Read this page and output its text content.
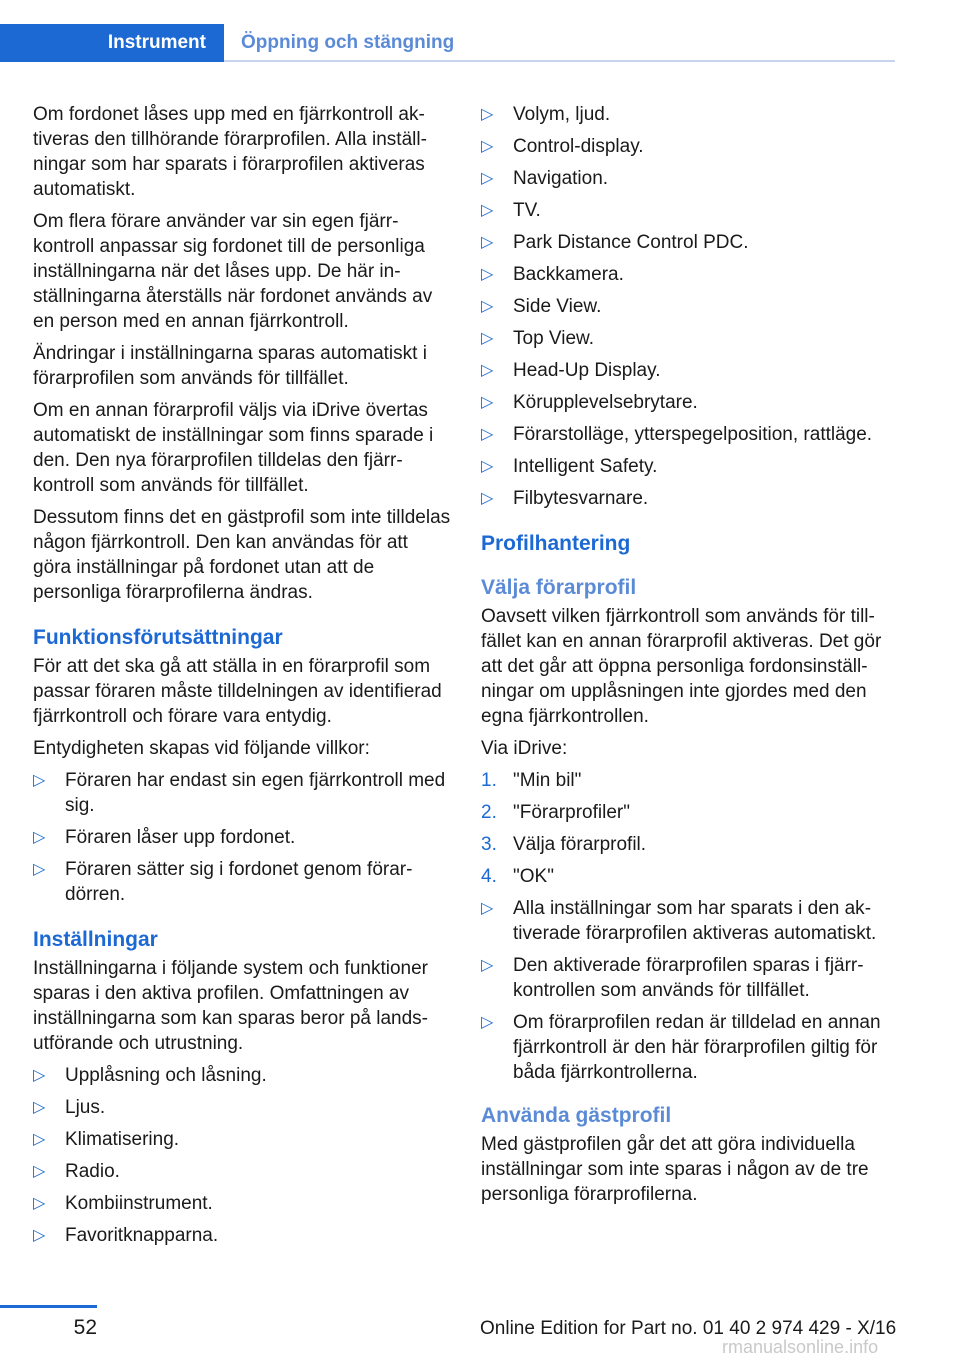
Instrument	Öppning och stängning

Om fordonet låses upp med en fjärrkontroll aktiveras den tillhörande förarprofilen. Alla inställningar som har sparats i förarprofilen aktiveras automatiskt.

Om flera förare använder var sin egen fjärrkontroll anpassar sig fordonet till de personliga inställningarna när det låses upp. De här inställningarna återställs när fordonet används av en person med en annan fjärrkontroll.

Ändringar i inställningarna sparas automatiskt i förarprofilen som används för tillfället.

Om en annan förarprofil väljs via iDrive övertas automatiskt de inställningar som finns sparade i den. Den nya förarprofilen tilldelas den fjärrkontroll som används för tillfället.

Dessutom finns det en gästprofil som inte tilldelas någon fjärrkontroll. Den kan användas för att göra inställningar på fordonet utan att de personliga förarprofilerna ändras.

Funktionsförutsättningar

För att det ska gå att ställa in en förarprofil som passar föraren måste tilldelningen av identifierad fjärrkontroll och förare vara entydig.

Entydigheten skapas vid följande villkor:

▷ Föraren har endast sin egen fjärrkontroll med sig.
▷ Föraren låser upp fordonet.
▷ Föraren sätter sig i fordonet genom förardörren.
Inställningar

Inställningarna i följande system och funktioner sparas i den aktiva profilen. Omfattningen av inställningarna som kan sparas beror på landsutförande och utrustning.

▷ Upplåsning och låsning.
▷ Ljus.
▷ Klimatisering.
▷ Radio.
▷ Kombiinstrument.
▷ Favoritknapparna.
▷ Volym, ljud.
▷ Control-display.
▷ Navigation.
▷ TV.
▷ Park Distance Control PDC.
▷ Backkamera.
▷ Side View.
▷ Top View.
▷ Head-Up Display.
▷ Körupplevelsebrytare.
▷ Förarstolläge, ytterspegelposition, rattläge.
▷ Intelligent Safety.
▷ Filbytesvarnare.
Profilhantering
Välja förarprofil

Oavsett vilken fjärrkontroll som används för tillfället kan en annan förarprofil aktiveras. Det gör att det går att öppna personliga fordonsinställningar om upplåsningen inte gjordes med den egna fjärrkontrollen.

Via iDrive:

1. "Min bil"
2. "Förarprofiler"
3. Välja förarprofil.
4. "OK"
▷ Alla inställningar som har sparats i den aktiverade förarprofilen aktiveras automatiskt.
▷ Den aktiverade förarprofilen sparas i fjärrkontrollen som används för tillfället.
▷ Om förarprofilen redan är tilldelad en annan fjärrkontroll är den här förarprofilen giltig för båda fjärrkontrollerna.
Använda gästprofil

Med gästprofilen går det att göra individuella inställningar som inte sparas i någon av de tre personliga förarprofilerna.

52	Online Edition for Part no. 01 40 2 974 429 - X/16
rmanualsonline.info
